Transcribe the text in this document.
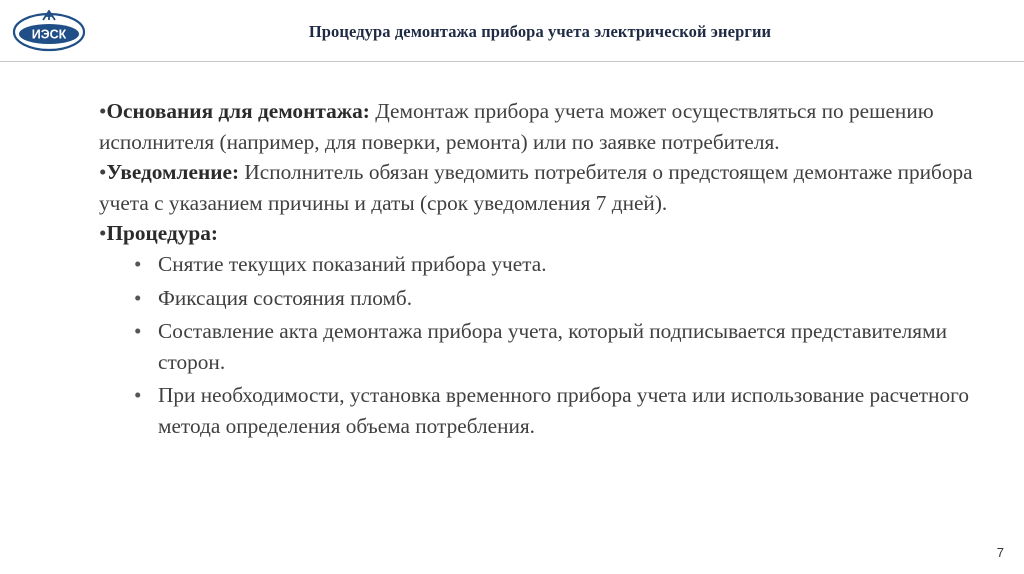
ИЭСК	Процедура демонтажа прибора учета электрической энергии

•Основания для демонтажа: Демонтаж прибора учета может осуществляться по решению исполнителя (например, для поверки, ремонта) или по заявке потребителя.

•Уведомление: Исполнитель обязан уведомить потребителя о предстоящем демонтаже прибора учета с указанием причины и даты (срок уведомления 7 дней).

•Процедура:

• Снятие текущих показаний прибора учета.
• Фиксация состояния пломб.
• Составление акта демонтажа прибора учета, который подписывается представителями сторон.
• При необходимости, установка временного прибора учета или использование расчетного метода определения объема потребления.
7
